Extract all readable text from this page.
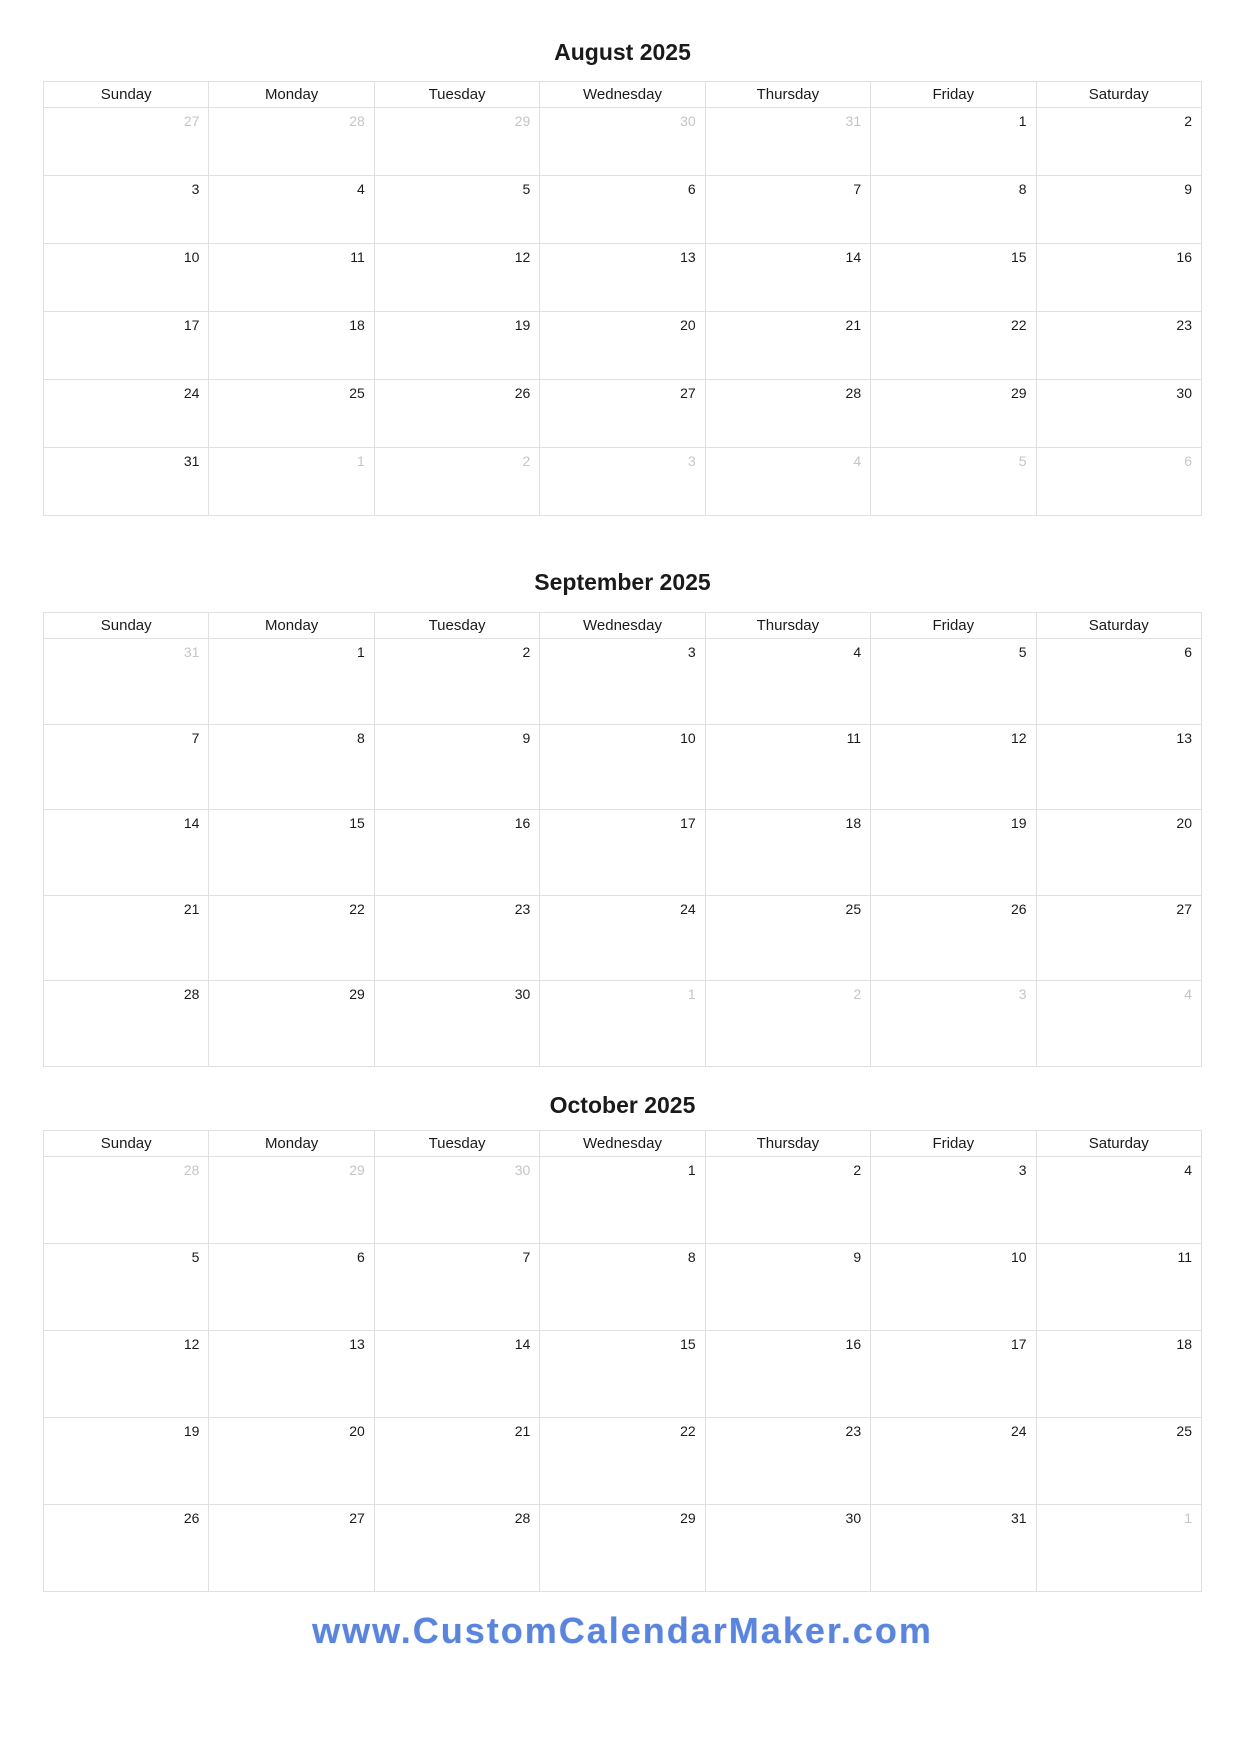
August 2025
Sunday	Monday	Tuesday	Wednesday	Thursday	Friday	Saturday
27	28	29	30	31	1	2
3	4	5	6	7	8	9
10	11	12	13	14	15	16
17	18	19	20	21	22	23
24	25	26	27	28	29	30
31	1	2	3	4	5	6
September 2025
Sunday	Monday	Tuesday	Wednesday	Thursday	Friday	Saturday
31	1	2	3	4	5	6
7	8	9	10	11	12	13
14	15	16	17	18	19	20
21	22	23	24	25	26	27
28	29	30	1	2	3	4
October 2025
Sunday	Monday	Tuesday	Wednesday	Thursday	Friday	Saturday
28	29	30	1	2	3	4
5	6	7	8	9	10	11
12	13	14	15	16	17	18
19	20	21	22	23	24	25
26	27	28	29	30	31	1
www.CustomCalendarMaker.com
